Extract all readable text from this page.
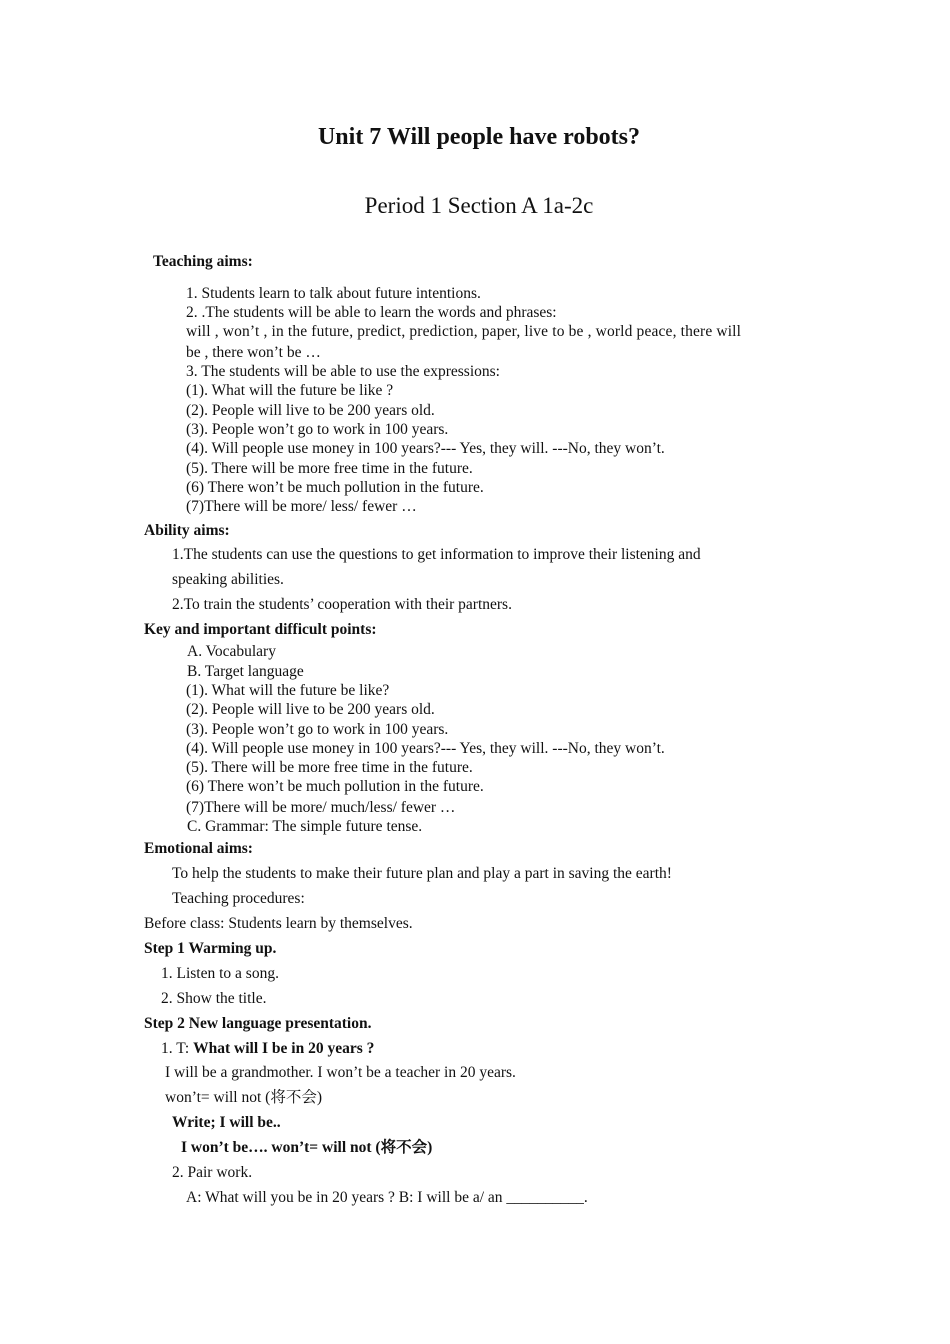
Unit 7 Will people have robots?
Period 1 Section A 1a-2c
Teaching aims:
1. Students learn to talk about future intentions.
2. .The students will be able to learn the words and phrases:
will , won’t , in the future, predict, prediction, paper, live to be , world peace, there will
be , there won’t be …
3. The students will be able to use the expressions:
(1). What will the future be like ?
(2). People will live to be 200 years old.
(3). People won’t go to work in 100 years.
(4). Will people use money in 100 years?--- Yes, they will. ---No, they won’t.
(5). There will be more free time in the future.
(6) There won’t be much pollution in the future.
(7)There will be more/ less/ fewer …
Ability aims:
1.The students can use the questions to get information to improve their listening and
speaking abilities.
2.To train the students’ cooperation with their partners.
Key and important difficult points:
A. Vocabulary
B. Target language
(1). What will the future be like?
(2). People will live to be 200 years old.
(3). People won’t go to work in 100 years.
(4). Will people use money in 100 years?--- Yes, they will. ---No, they won’t.
(5). There will be more free time in the future.
(6) There won’t be much pollution in the future.
(7)There will be more/ much/less/ fewer …
C. Grammar: The simple future tense.
Emotional aims:
To help the students to make their future plan and play a part in saving the earth!
Teaching procedures:
Before class: Students learn by themselves.
Step 1 Warming up.
1. Listen to a song.
2. Show the title.
Step 2 New language presentation.
1. T: What will I be in 20 years ?
I will be a grandmother. I won’t be a teacher in 20 years.
won’t= will not (将不会)
Write; I will be..
I won’t be…. won’t= will not (将不会)
2. Pair work.
A: What will you be in 20 years ? B: I will be a/ an __________.
